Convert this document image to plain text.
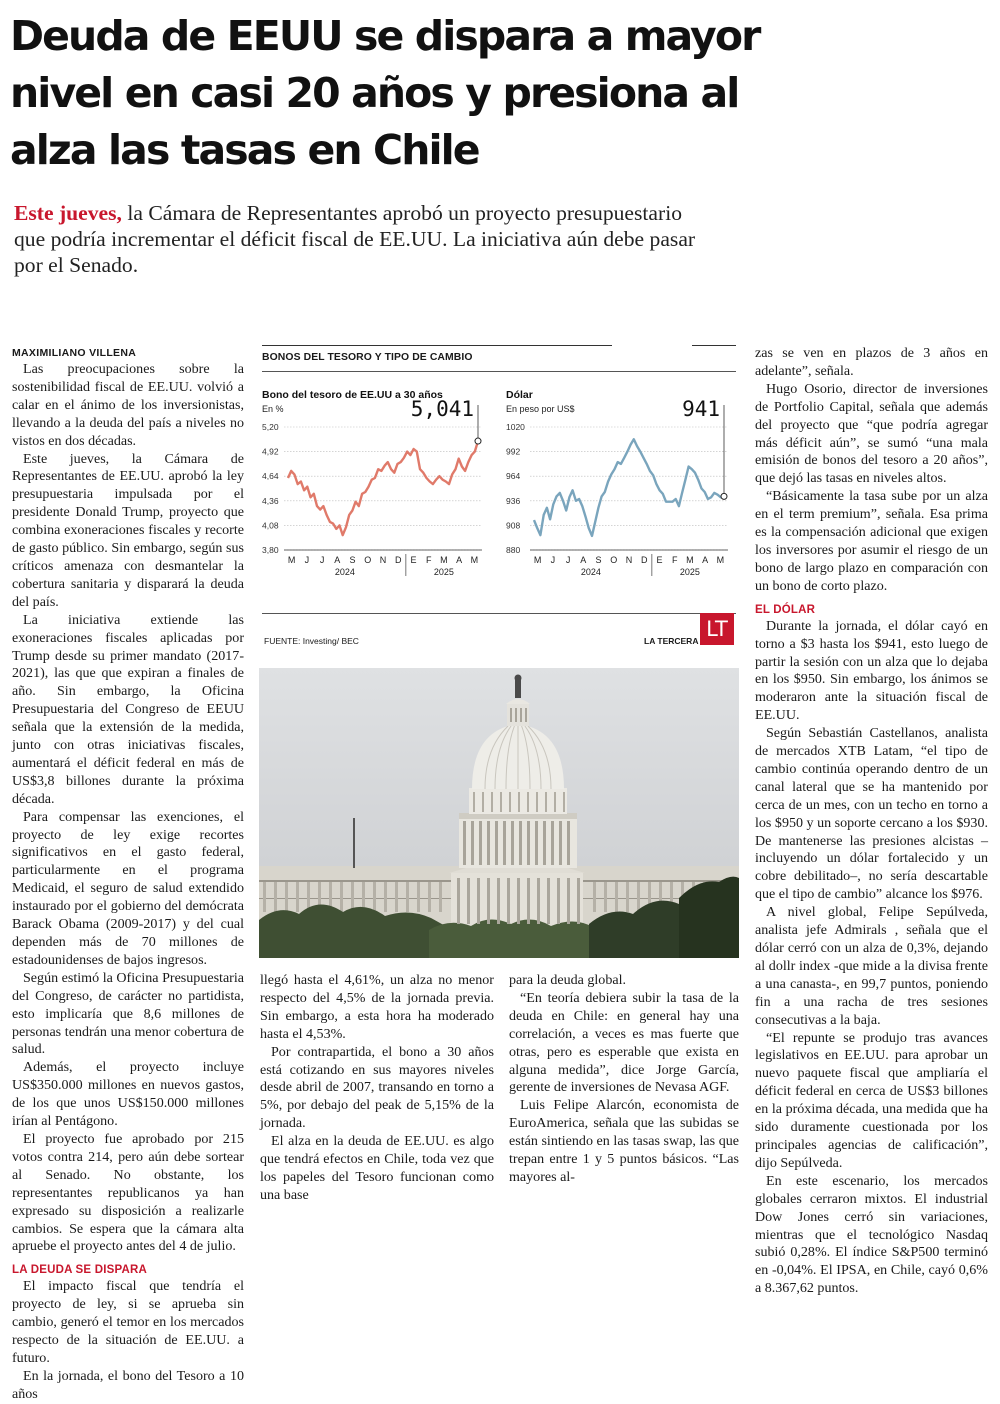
Deuda de EEUU se dispara a mayor nivel en casi 20 años y presiona al alza las tasas en Chile

Este jueves, la Cámara de Representantes aprobó un proyecto presupuestario que podría incrementar el déficit fiscal de EE.UU. La iniciativa aún debe pasar por el Senado.

MAXIMILIANO VILLENA

Las preocupaciones sobre la sostenibilidad fiscal de EE.UU. volvió a calar en el ánimo de los inversionistas, llevando a la deuda del país a niveles no vistos en dos décadas.

Este jueves, la Cámara de Representantes de EE.UU. aprobó la ley presupuestaria impulsada por el presidente Donald Trump, proyecto que combina exoneraciones fiscales y recorte de gasto público. Sin embargo, según sus críticos amenaza con desmantelar la cobertura sanitaria y disparará la deuda del país.

La iniciativa extiende las exoneraciones fiscales aplicadas por Trump desde su primer mandato (2017-2021), las que que expiran a finales de año. Sin embargo, la Oficina Presupuestaria del Congreso de EEUU señala que la extensión de la medida, junto con otras iniciativas fiscales, aumentará el déficit federal en más de US$3,8 billones durante la próxima década.

Para compensar las exenciones, el proyecto de ley exige recortes significativos en el gasto federal, particularmente en el programa Medicaid, el seguro de salud extendido instaurado por el gobierno del demócrata Barack Obama (2009-2017) y del cual dependen más de 70 millones de estadounidenses de bajos ingresos.

Según estimó la Oficina Presupuestaria del Congreso, de carácter no partidista, esto implicaría que 8,6 millones de personas tendrán una menor cobertura de salud.

Además, el proyecto incluye US$350.000 millones en nuevos gastos, de los que unos US$150.000 millones irían al Pentágono.

El proyecto fue aprobado por 215 votos contra 214, pero aún debe sortear al Senado. No obstante, los representantes republicanos ya han expresado su disposición a realizarle cambios. Se espera que la cámara alta apruebe el proyecto antes del 4 de julio.

LA DEUDA SE DISPARA

El impacto fiscal que tendría el proyecto de ley, si se aprueba sin cambio, generó el temor en los mercados respecto de la situación de EE.UU. a futuro.

En la jornada, el bono del Tesoro a 10 años

BONOS DEL TESORO Y TIPO DE CAMBIO
Bono del tesoro de EE.UU a 30 años
En %
5,20
4,92
4,64
4,36
4,08
3,80
M J J A S O N D E F M A M
2024	2025
5,041
Dólar
En peso por US$
1020
992
964
936
908
880
M J J A S O N D E F M A M
2024	2025
941
FUENTE: Investing/ BEC	LA TERCERA LT

llegó hasta el 4,61%, un alza no menor respecto del 4,5% de la jornada previa. Sin embargo, a esta hora ha moderado hasta el 4,53%.

Por contrapartida, el bono a 30 años está cotizando en sus mayores niveles desde abril de 2007, transando en torno a 5%, por debajo del peak de 5,15% de la jornada.

El alza en la deuda de EE.UU. es algo que tendrá efectos en Chile, toda vez que los papeles del Tesoro funcionan como una base

para la deuda global.

“En teoría debiera subir la tasa de la deuda en Chile: en general hay una correlación, a veces es mas fuerte que otras, pero es esperable que exista en alguna medida”, dice Jorge García, gerente de inversiones de Nevasa AGF.

Luis Felipe Alarcón, economista de EuroAmerica, señala que las subidas se están sintiendo en las tasas swap, las que trepan entre 1 y 5 puntos básicos. “Las mayores al-

zas se ven en plazos de 3 años en adelante”, señala.

Hugo Osorio, director de inversiones de Portfolio Capital, señala que además del proyecto que “que podría agregar más déficit aún”, se sumó “una mala emisión de bonos del tesoro a 20 años”, que dejó las tasas en niveles altos.

“Básicamente la tasa sube por un alza en el term premium”, señala. Esa prima es la compensación adicional que exigen los inversores por asumir el riesgo de un bono de largo plazo en comparación con un bono de corto plazo.

EL DÓLAR

Durante la jornada, el dólar cayó en torno a $3 hasta los $941, esto luego de partir la sesión con un alza que lo dejaba en los $950. Sin embargo, los ánimos se moderaron ante la situación fiscal de EE.UU.

Según Sebastián Castellanos, analista de mercados XTB Latam, “el tipo de cambio continúa operando dentro de un canal lateral que se ha mantenido por cerca de un mes, con un techo en torno a los $950 y un soporte cercano a los $930. De mantenerse las presiones alcistas –incluyendo un dólar fortalecido y un cobre debilitado–, no sería descartable que el tipo de cambio” alcance los $976.

A nivel global, Felipe Sepúlveda, analista jefe Admirals , señala que el dólar cerró con un alza de 0,3%, dejando al dollr index -que mide a la divisa frente a una canasta-, en 99,7 puntos, poniendo fin a una racha de tres sesiones consecutivas a la baja.

“El repunte se produjo tras avances legislativos en EE.UU. para aprobar un nuevo paquete fiscal que ampliaría el déficit federal en cerca de US$3 billones en la próxima década, una medida que ha sido duramente cuestionada por los principales agencias de calificación”, dijo Sepúlveda.

En este escenario, los mercados globales cerraron mixtos. El industrial Dow Jones cerró sin variaciones, mientras que el tecnológico Nasdaq subió 0,28%. El índice S&P500 terminó en -0,04%. El IPSA, en Chile, cayó 0,6% a 8.367,62 puntos.
